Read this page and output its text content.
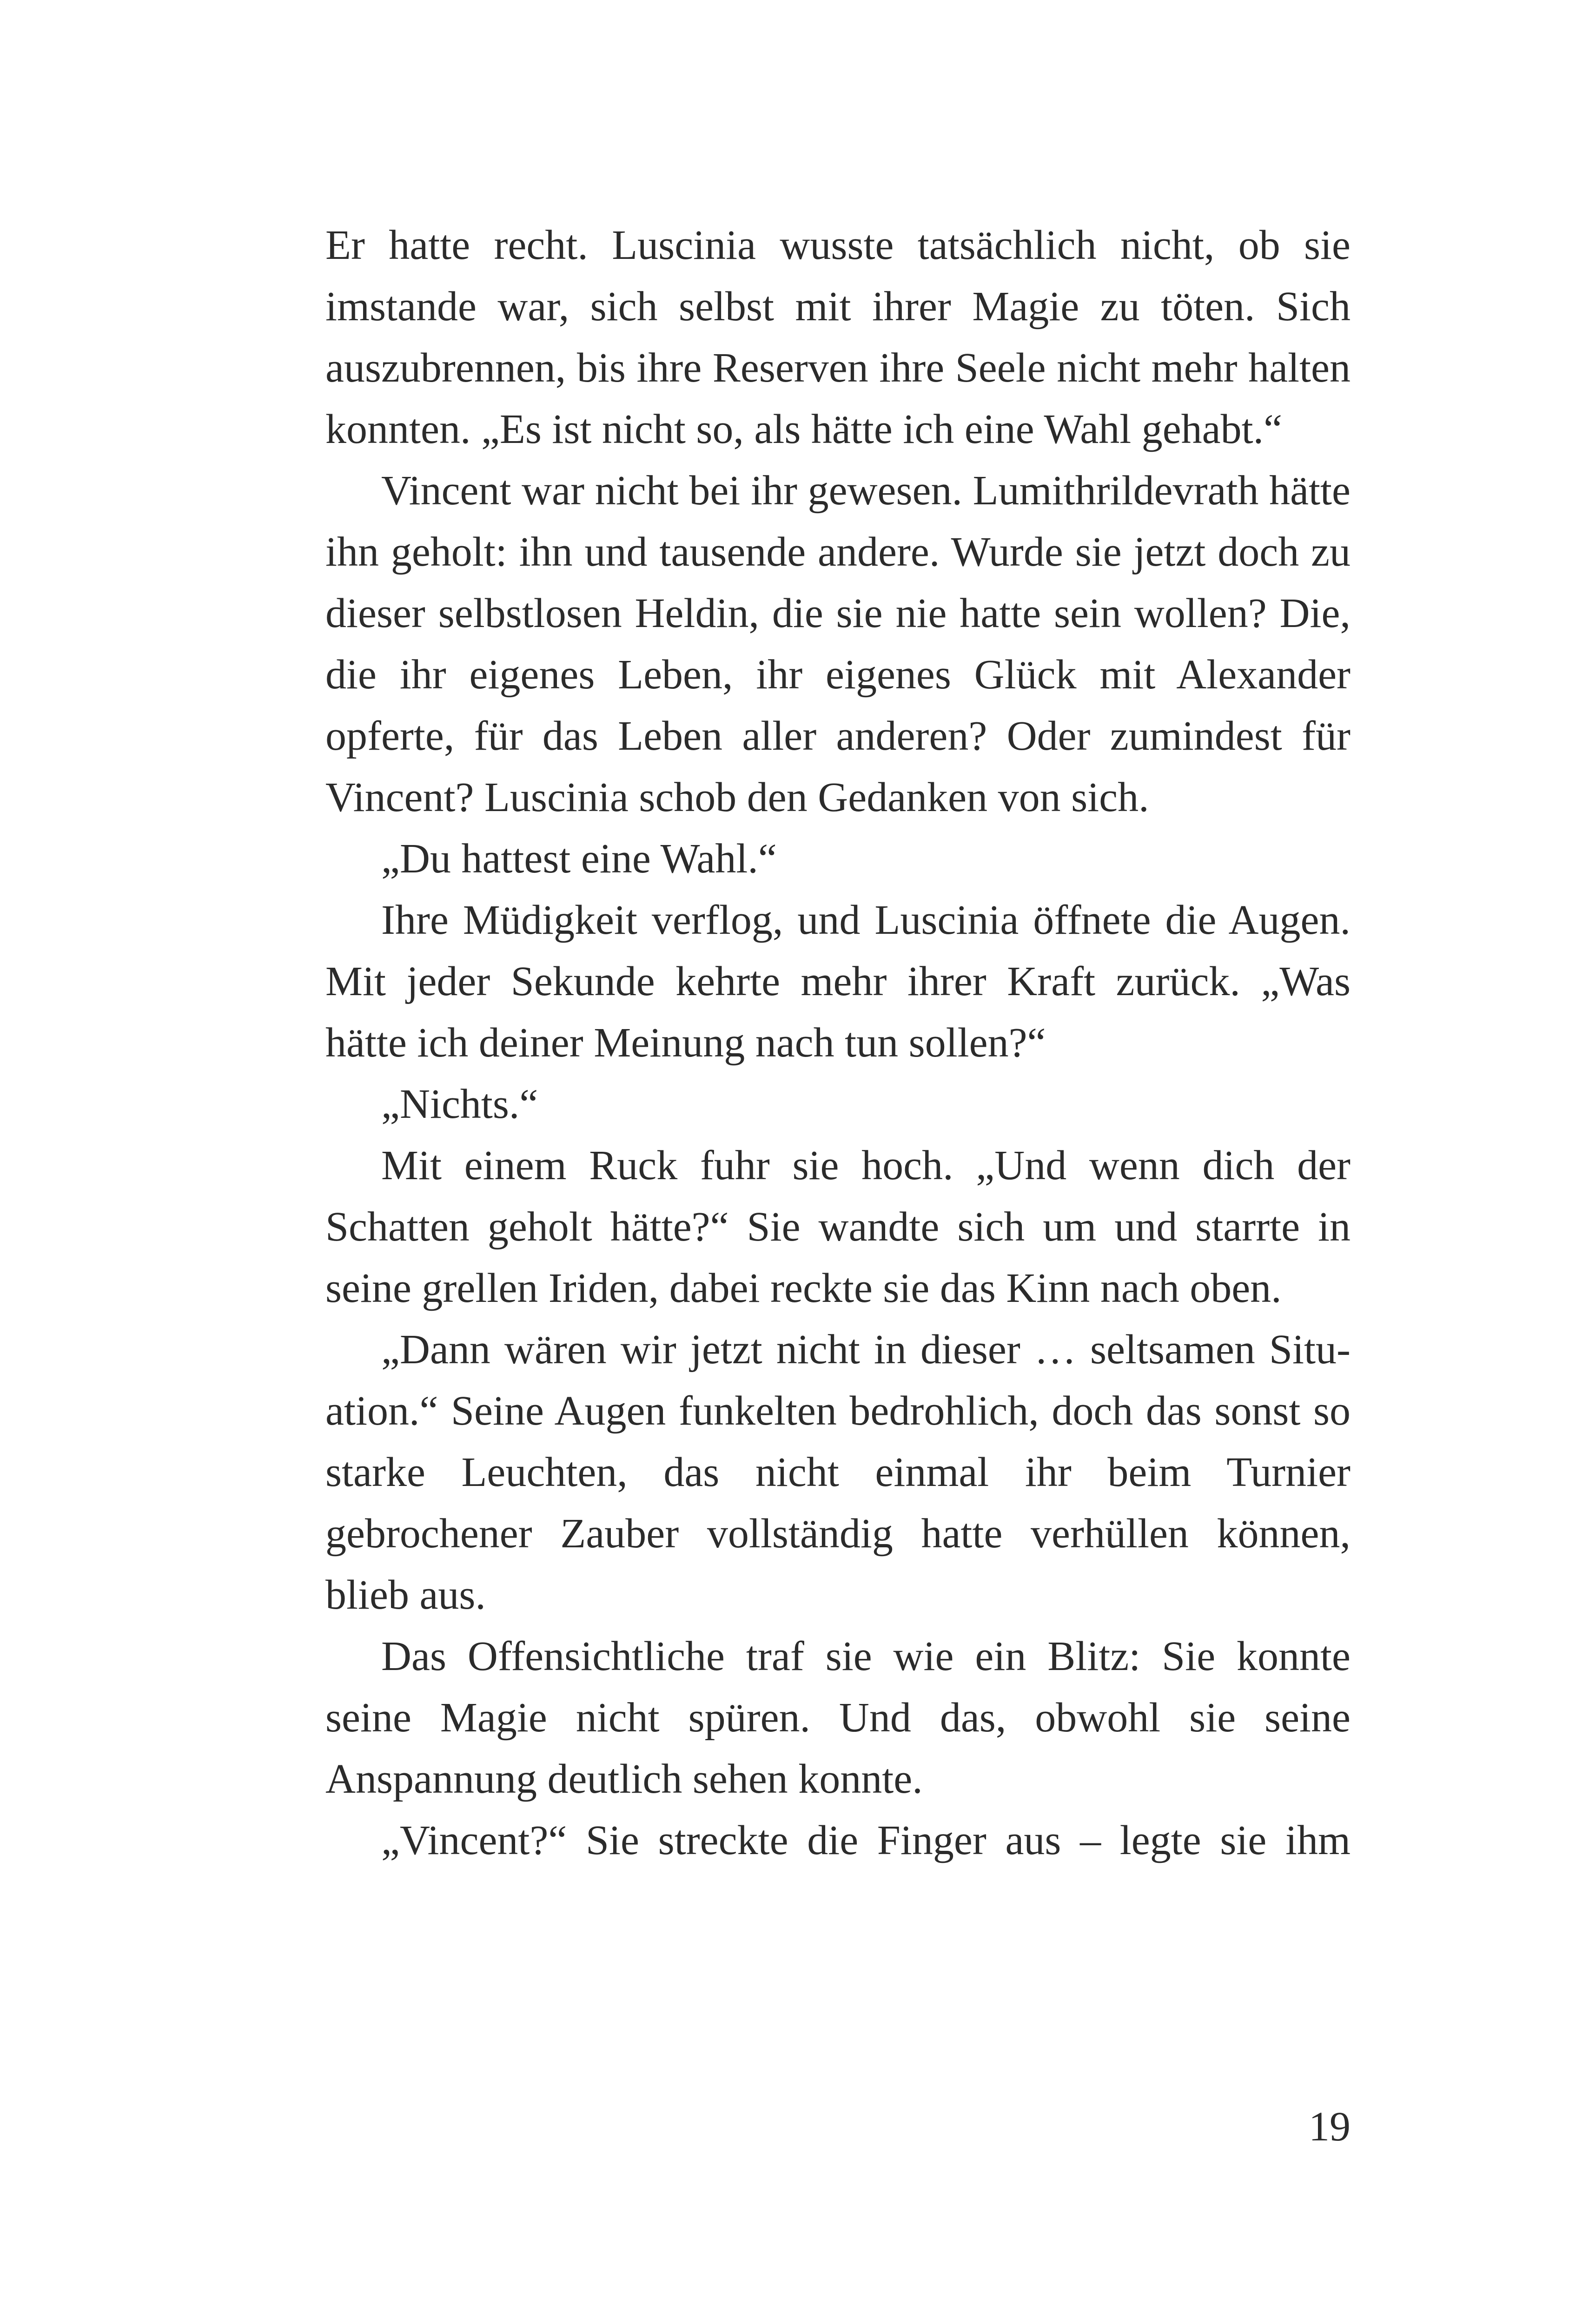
Er hatte recht. Luscinia wusste tatsächlich nicht, ob sie imstande war, sich selbst mit ihrer Magie zu töten. Sich auszubrennen, bis ihre Reserven ihre Seele nicht mehr halten konnten. „Es ist nicht so, als hätte ich eine Wahl gehabt.“

Vincent war nicht bei ihr gewesen. Lumithrildevrath hätte ihn geholt: ihn und tausende andere. Wurde sie jetzt doch zu dieser selbstlosen Heldin, die sie nie hatte sein wollen? Die, die ihr eigenes Leben, ihr eigenes Glück mit Alexander opferte, für das Leben aller anderen? Oder zumindest für Vincent? Luscinia schob den Gedanken von sich.

„Du hattest eine Wahl.“

Ihre Müdigkeit verflog, und Luscinia öffnete die Augen. Mit jeder Sekunde kehrte mehr ihrer Kraft zurück. „Was hätte ich deiner Meinung nach tun sollen?“

„Nichts.“

Mit einem Ruck fuhr sie hoch. „Und wenn dich der Schatten geholt hätte?“ Sie wandte sich um und starrte in seine grellen Iriden, dabei reckte sie das Kinn nach oben.

„Dann wären wir jetzt nicht in dieser … seltsamen Situation.“ Seine Augen funkelten bedrohlich, doch das sonst so starke Leuchten, das nicht einmal ihr beim Turnier gebrochener Zauber vollständig hatte verhüllen können, blieb aus.

Das Offensichtliche traf sie wie ein Blitz: Sie konnte seine Magie nicht spüren. Und das, obwohl sie seine Anspannung deutlich sehen konnte.

„Vincent?“ Sie streckte die Finger aus – legte sie ihm

19
